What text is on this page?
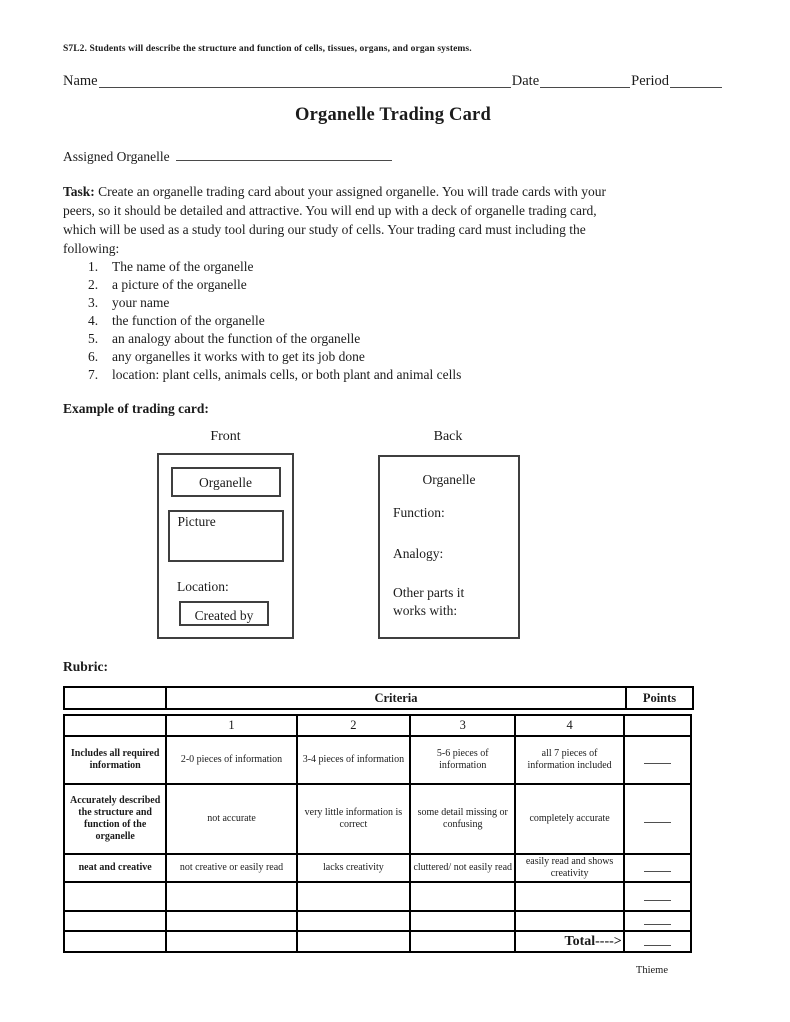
S7L2. Students will describe the structure and function of cells, tissues, organs, and organ systems.
Name	Date	Period
Organelle Trading Card
Assigned Organelle
Task: Create an organelle trading card about your assigned organelle. You will trade cards with your
peers, so it should be detailed and attractive. You will end up with a deck of organelle trading card,
which will be used as a study tool during our study of cells. Your trading card must including the
following:
1.	The name of the organelle
2.	a picture of the organelle
3.	your name
4.	the function of the organelle
5.	an analogy about the function of the organelle
6.	any organelles it works with to get its job done
7.	location: plant cells, animals cells, or both plant and animal cells
Example of trading card:
Front	Back
Organelle
Picture
Location:
Created by
Organelle
Function:
Analogy:
Other parts it
works with:
Rubric:
	Criteria	Points
	1	2	3	4	
Includes all required information	2-0 pieces of information	3-4 pieces of information	5-6 pieces of information	all 7 pieces of information included	
Accurately described the structure and function of the organelle	not accurate	very little information is correct	some detail missing or confusing	completely accurate	
neat and creative	not creative or easily read	lacks creativity	cluttered/ not easily read	easily read and shows creativity	

				Total---->	
Thieme
